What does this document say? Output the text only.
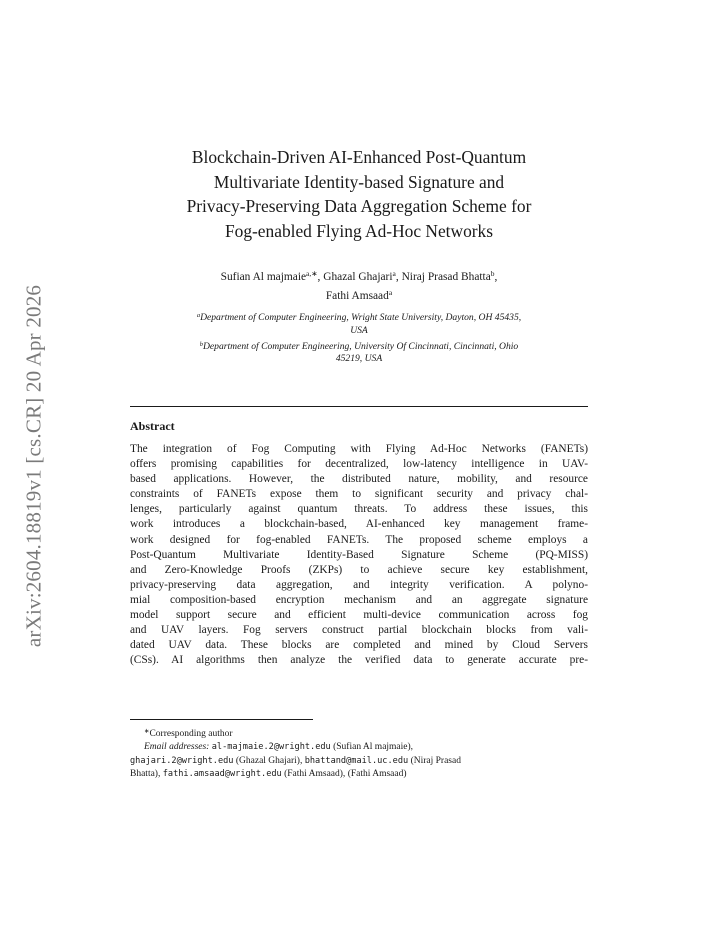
arXiv:2604.18819v1 [cs.CR] 20 Apr 2026
Blockchain-Driven AI-Enhanced Post-Quantum
Multivariate Identity-based Signature and
Privacy-Preserving Data Aggregation Scheme for
Fog-enabled Flying Ad-Hoc Networks
Sufian Al majmaie$^{a,∗}$, Ghazal Ghajari$^a$, Niraj Prasad Bhatta$^b$,
Fathi Amsaad$^a$
$^a$Department of Computer Engineering, Wright State University, Dayton, OH 45435,
USA
$^b$Department of Computer Engineering, University Of Cincinnati, Cincinnati, Ohio
45219, USA
Abstract
The integration of Fog Computing with Flying Ad-Hoc Networks (FANETs)
offers promising capabilities for decentralized, low-latency intelligence in UAV-
based applications. However, the distributed nature, mobility, and resource
constraints of FANETs expose them to significant security and privacy chal-
lenges, particularly against quantum threats. To address these issues, this
work introduces a blockchain-based, AI-enhanced key management frame-
work designed for fog-enabled FANETs. The proposed scheme employs a
Post-Quantum Multivariate Identity-Based Signature Scheme (PQ-MISS)
and Zero-Knowledge Proofs (ZKPs) to achieve secure key establishment,
privacy-preserving data aggregation, and integrity verification. A polyno-
mial composition-based encryption mechanism and an aggregate signature
model support secure and efficient multi-device communication across fog
and UAV layers. Fog servers construct partial blockchain blocks from vali-
dated UAV data. These blocks are completed and mined by Cloud Servers
(CSs). AI algorithms then analyze the verified data to generate accurate pre-
∗Corresponding author
Email addresses: al-majmaie.2@wright.edu (Sufian Al majmaie),
ghajari.2@wright.edu (Ghazal Ghajari), bhattand@mail.uc.edu (Niraj Prasad
Bhatta), fathi.amsaad@wright.edu (Fathi Amsaad), (Fathi Amsaad)
